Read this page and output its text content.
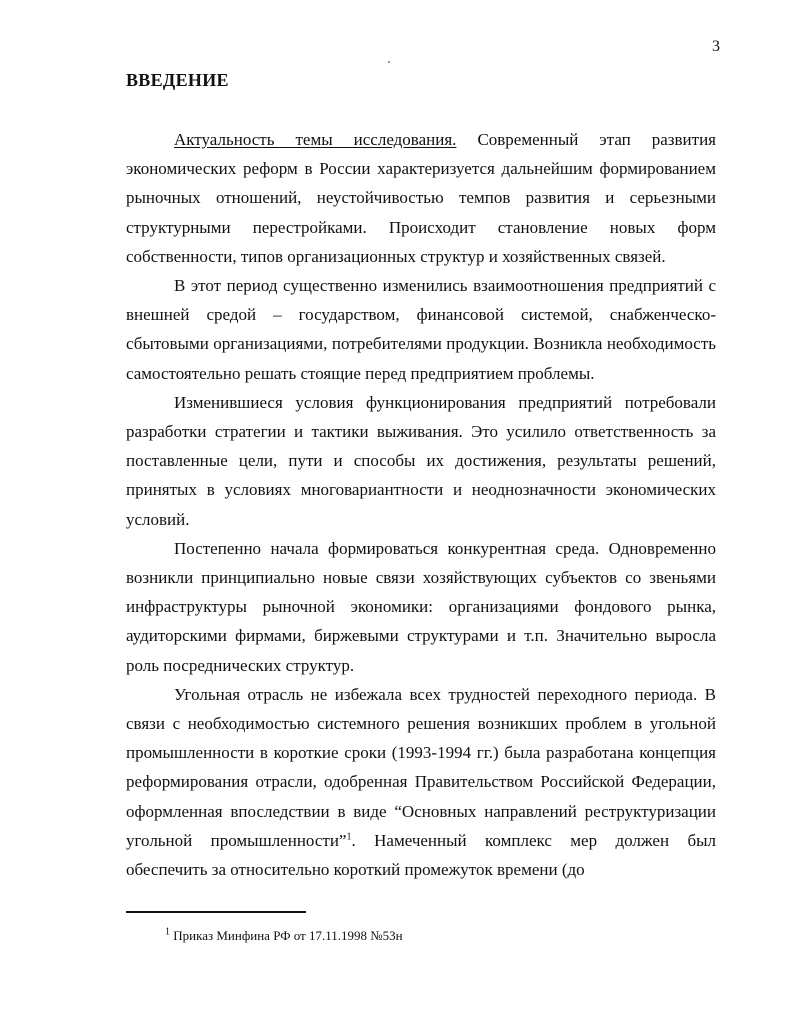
3
ВВЕДЕНИЕ

Актуальность темы исследования. Современный этап развития экономических реформ в России характеризуется дальнейшим формированием рыночных отношений, неустойчивостью темпов развития и серьезными структурными перестройками. Происходит становление новых форм собственности, типов организационных структур и хозяйственных связей.

В этот период существенно изменились взаимоотношения предприятий с внешней средой – государством, финансовой системой, снабженческо-сбытовыми организациями, потребителями продукции. Возникла необходимость самостоятельно решать стоящие перед предприятием проблемы.

Изменившиеся условия функционирования предприятий потребовали разработки стратегии и тактики выживания. Это усилило ответственность за поставленные цели, пути и способы их достижения, результаты решений, принятых в условиях многовариантности и неоднозначности экономических условий.

Постепенно начала формироваться конкурентная среда. Одновременно возникли принципиально новые связи хозяйствующих субъектов со звеньями инфраструктуры рыночной экономики: организациями фондового рынка, аудиторскими фирмами, биржевыми структурами и т.п. Значительно выросла роль посреднических структур.

Угольная отрасль не избежала всех трудностей переходного периода. В связи с необходимостью системного решения возникших проблем в угольной промышленности в короткие сроки (1993-1994 гг.) была разработана концепция реформирования отрасли, одобренная Правительством Российской Федерации, оформленная впоследствии в виде “Основных направлений реструктуризации угольной промышленности”$^1$. Намеченный комплекс мер должен был обеспечить за относительно короткий промежуток времени (до

$^1$ Приказ Минфина РФ от 17.11.1998 №53н
